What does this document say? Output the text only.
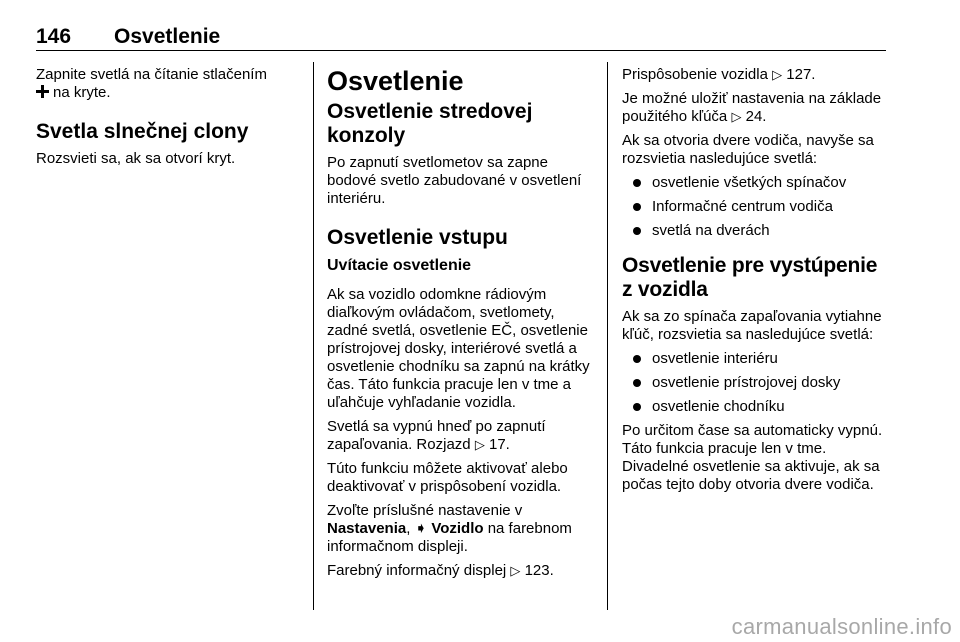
146 Osvetlenie

Zapnite svetlá na čítanie stlačením
na kryte.

Svetla slnečnej clony

Rozsvieti sa, ak sa otvorí kryt.

Osvetlenie
Osvetlenie stredovej konzoly

Po zapnutí svetlometov sa zapne bodové svetlo zabudované v osvetlení interiéru.

Osvetlenie vstupu
Uvítacie osvetlenie

Ak sa vozidlo odomkne rádiovým diaľkovým ovládačom, svetlomety, zadné svetlá, osvetlenie EČ, osvetlenie prístrojovej dosky, interiérové svetlá a osvetlenie chodníku sa zapnú na krátky čas. Táto funkcia pracuje len v tme a uľahčuje vyhľadanie vozidla.

Svetlá sa vypnú hneď po zapnutí zapaľovania. Rozjazd ▷ 17.

Túto funkciu môžete aktivovať alebo deaktivovať v prispôsobení vozidla.

Zvoľte príslušné nastavenie v Nastavenia, ➧ Vozidlo na farebnom informačnom displeji.

Farebný informačný displej ▷ 123.

Prispôsobenie vozidla ▷ 127.

Je možné uložiť nastavenia na základe použitého kľúča ▷ 24.

Ak sa otvoria dvere vodiča, navyše sa rozsvietia nasledujúce svetlá:

osvetlenie všetkých spínačov
Informačné centrum vodiča
svetlá na dverách
Osvetlenie pre vystúpenie z vozidla

Ak sa zo spínača zapaľovania vytiahne kľúč, rozsvietia sa nasledujúce svetlá:

osvetlenie interiéru
osvetlenie prístrojovej dosky
osvetlenie chodníku

Po určitom čase sa automaticky vypnú. Táto funkcia pracuje len v tme. Divadelné osvetlenie sa aktivuje, ak sa počas tejto doby otvoria dvere vodiča.

carmanualsonline.info
